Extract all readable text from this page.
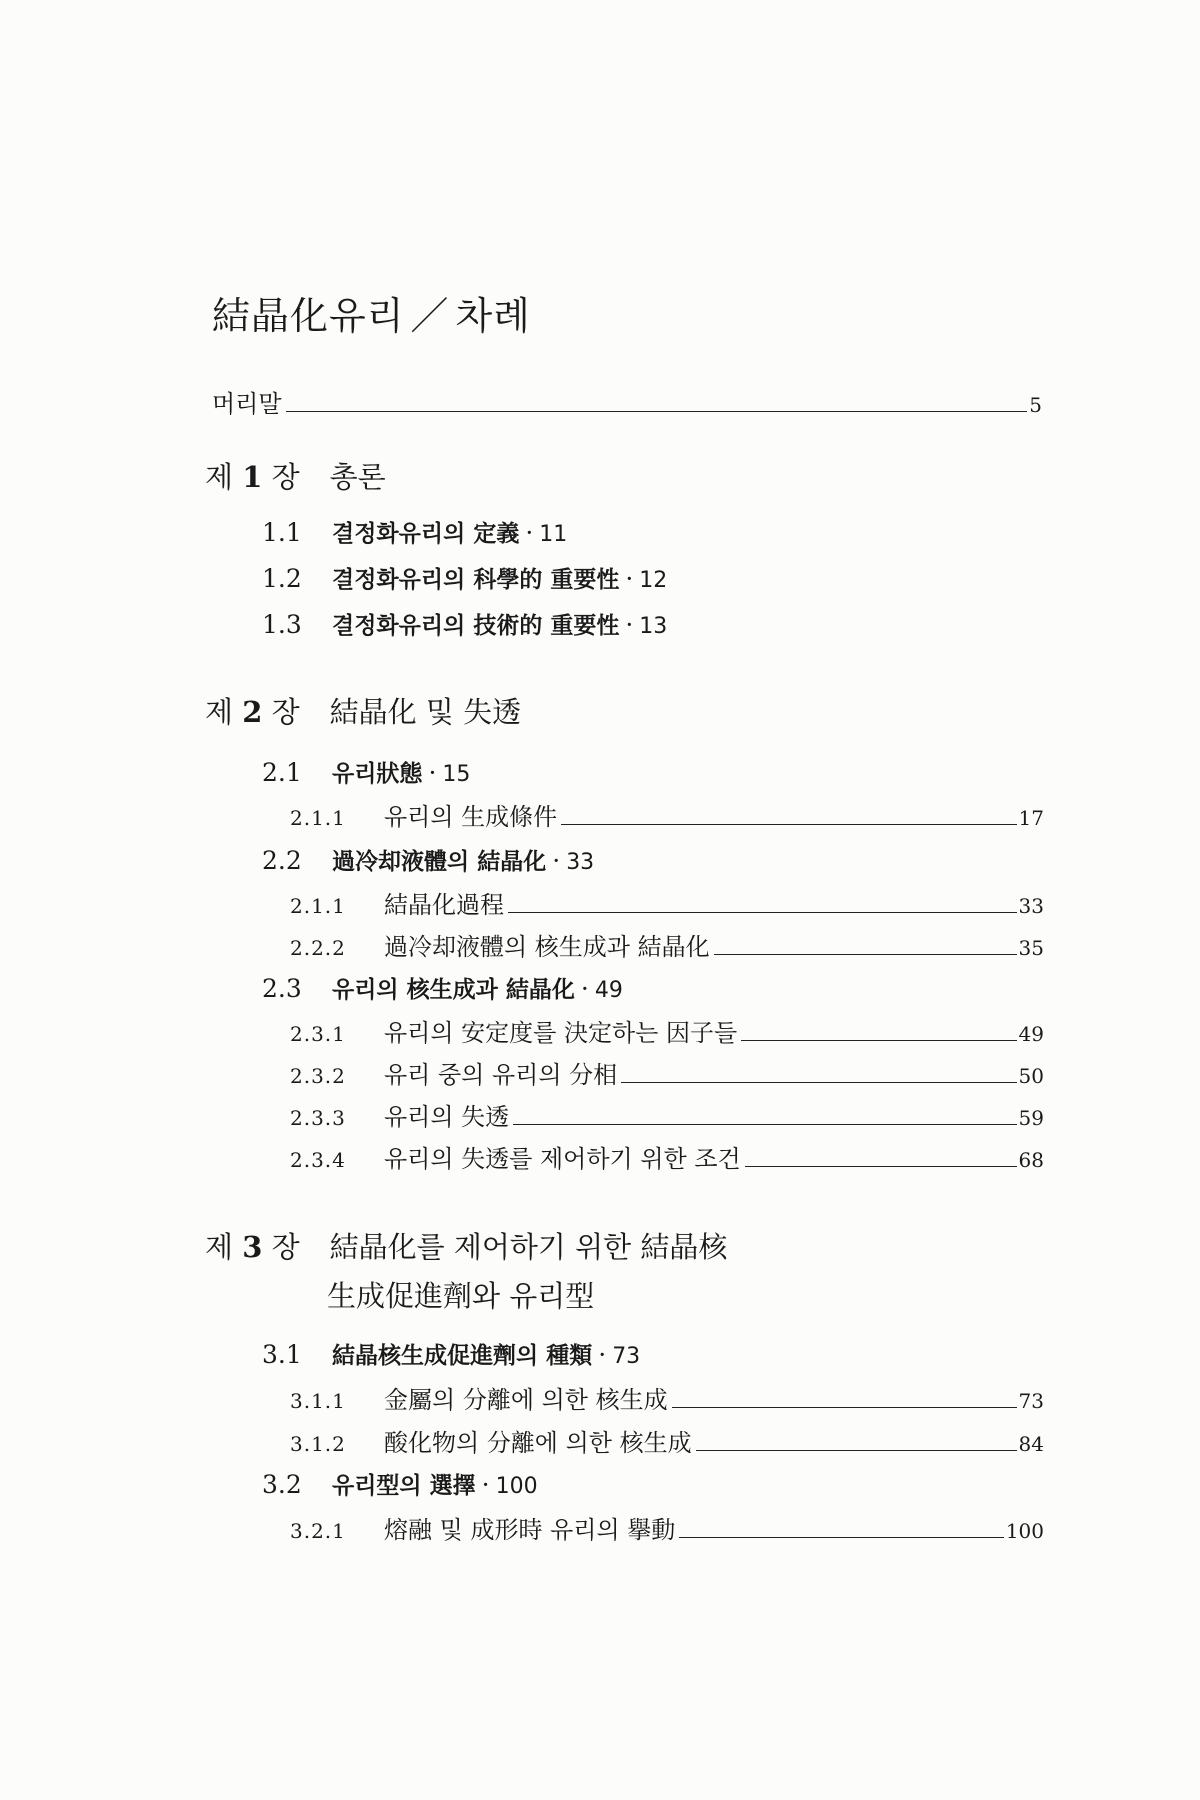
結晶化유리 ／ 차례
머리말	5
제 1 장 총론
1.1 결정화유리의 定義 · 11
1.2 결정화유리의 科學的 重要性 · 12
1.3 결정화유리의 技術的 重要性 · 13
제 2 장 結晶化 및 失透
2.1 유리狀態 · 15
2.1.1	유리의 生成條件	17
2.2 過冷却液體의 結晶化 · 33
2.1.1	結晶化過程	33
2.2.2	過冷却液體의 核生成과 結晶化	35
2.3 유리의 核生成과 結晶化 · 49
2.3.1	유리의 安定度를 決定하는 因子들	49
2.3.2	유리 중의 유리의 分相	50
2.3.3	유리의 失透	59
2.3.4	유리의 失透를 제어하기 위한 조건	68
제 3 장 結晶化를 제어하기 위한 結晶核
生成促進劑와 유리型
3.1 結晶核生成促進劑의 種類 · 73
3.1.1	金屬의 分離에 의한 核生成	73
3.1.2	酸化物의 分離에 의한 核生成	84
3.2 유리型의 選擇 · 100
3.2.1	熔融 및 成形時 유리의 擧動	100
